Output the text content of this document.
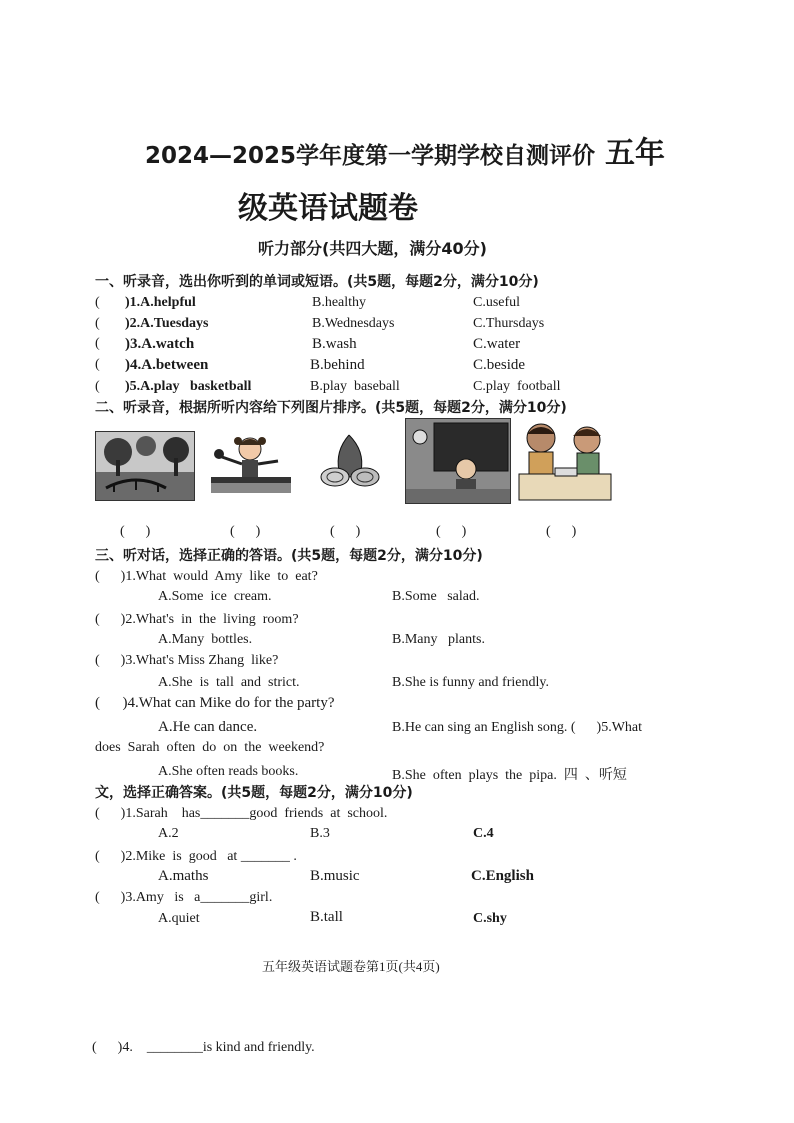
2024—2025学年度第一学期学校自测评价 五年
级英语试题卷
听力部分(共四大题，满分40分)
一、听录音，选出你听到的单词或短语。(共5题，每题2分，满分10分)
( )1.A.helpful	B.healthy	C.useful
( )2.A.Tuesdays	B.Wednesdays	C.Thursdays
( )3.A.watch	B.wash	C.water
( )4.A.between	B.behind	C.beside
( )5.A.play   basketball	B.play  baseball	C.play  football
二、听录音，根据所听内容给下列图片排序。(共5题，每题2分，满分10分)
(      )	(      )	(      )	(      )	(      )
三、听对话，选择正确的答语。(共5题，每题2分，满分10分)
(      )1.What  would  Amy  like  to  eat?
A.Some  ice  cream.	B.Some   salad.
(      )2.What's  in  the  living  room?
A.Many  bottles.	B.Many   plants.
(      )3.What's Miss Zhang  like?
A.She  is  tall  and  strict.	B.She is funny and friendly.
(      )4.What can Mike do for the party?
A.He can dance.	B.He can sing an English song. (      )5.What
does  Sarah  often  do  on  the  weekend?
A.She often reads books.	B.She  often  plays  the  pipa.  四  、听短
文，选择正确答案。(共5题，每题2分，满分10分)
(      )1.Sarah    has_______good  friends  at  school.
A.2	B.3	C.4
(      )2.Mike  is  good   at _______ .
A.maths	B.music	C.English
(      )3.Amy   is   a_______girl.
A.quiet	B.tall	C.shy
五年级英语试题卷第1页(共4页)
(      )4.    ________is kind and friendly.
